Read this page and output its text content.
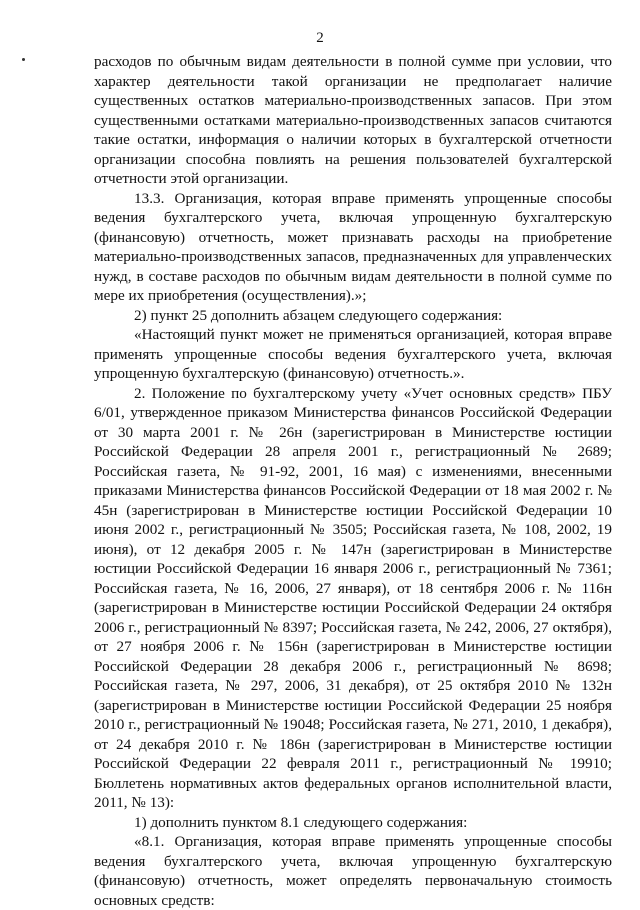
2

расходов по обычным видам деятельности в полной сумме при условии, что характер деятельности такой организации не предполагает наличие существенных остатков материально-производственных запасов. При этом существенными остатками материально-производственных запасов считаются такие остатки, информация о наличии которых в бухгалтерской отчетности организации способна повлиять на решения пользователей бухгалтерской отчетности этой организации.

13.3. Организация, которая вправе применять упрощенные способы ведения бухгалтерского учета, включая упрощенную бухгалтерскую (финансовую) отчетность, может признавать расходы на приобретение материально-производственных запасов, предназначенных для управленческих нужд, в составе расходов по обычным видам деятельности в полной сумме по мере их приобретения (осуществления).»;

2) пункт 25 дополнить абзацем следующего содержания:

«Настоящий пункт может не применяться организацией, которая вправе применять упрощенные способы ведения бухгалтерского учета, включая упрощенную бухгалтерскую (финансовую) отчетность.».

2. Положение по бухгалтерскому учету «Учет основных средств» ПБУ 6/01, утвержденное приказом Министерства финансов Российской Федерации от 30 марта 2001 г. № 26н (зарегистрирован в Министерстве юстиции Российской Федерации 28 апреля 2001 г., регистрационный № 2689; Российская газета, № 91-92, 2001, 16 мая) с изменениями, внесенными приказами Министерства финансов Российской Федерации от 18 мая 2002 г. № 45н (зарегистрирован в Министерстве юстиции Российской Федерации 10 июня 2002 г., регистрационный № 3505; Российская газета, № 108, 2002, 19 июня), от 12 декабря 2005 г. № 147н (зарегистрирован в Министерстве юстиции Российской Федерации 16 января 2006 г., регистрационный № 7361; Российская газета, № 16, 2006, 27 января), от 18 сентября 2006 г. № 116н (зарегистрирован в Министерстве юстиции Российской Федерации 24 октября 2006 г., регистрационный № 8397; Российская газета, № 242, 2006, 27 октября), от 27 ноября 2006 г. № 156н (зарегистрирован в Министерстве юстиции Российской Федерации 28 декабря 2006 г., регистрационный № 8698; Российская газета, № 297, 2006, 31 декабря), от 25 октября 2010 № 132н (зарегистрирован в Министерстве юстиции Российской Федерации 25 ноября 2010 г., регистрационный № 19048; Российская газета, № 271, 2010, 1 декабря), от 24 декабря 2010 г. № 186н (зарегистрирован в Министерстве юстиции Российской Федерации 22 февраля 2011 г., регистрационный № 19910; Бюллетень нормативных актов федеральных органов исполнительной власти, 2011, № 13):

1) дополнить пунктом 8.1 следующего содержания:

«8.1. Организация, которая вправе применять упрощенные способы ведения бухгалтерского учета, включая упрощенную бухгалтерскую (финансовую) отчетность, может определять первоначальную стоимость основных средств:
